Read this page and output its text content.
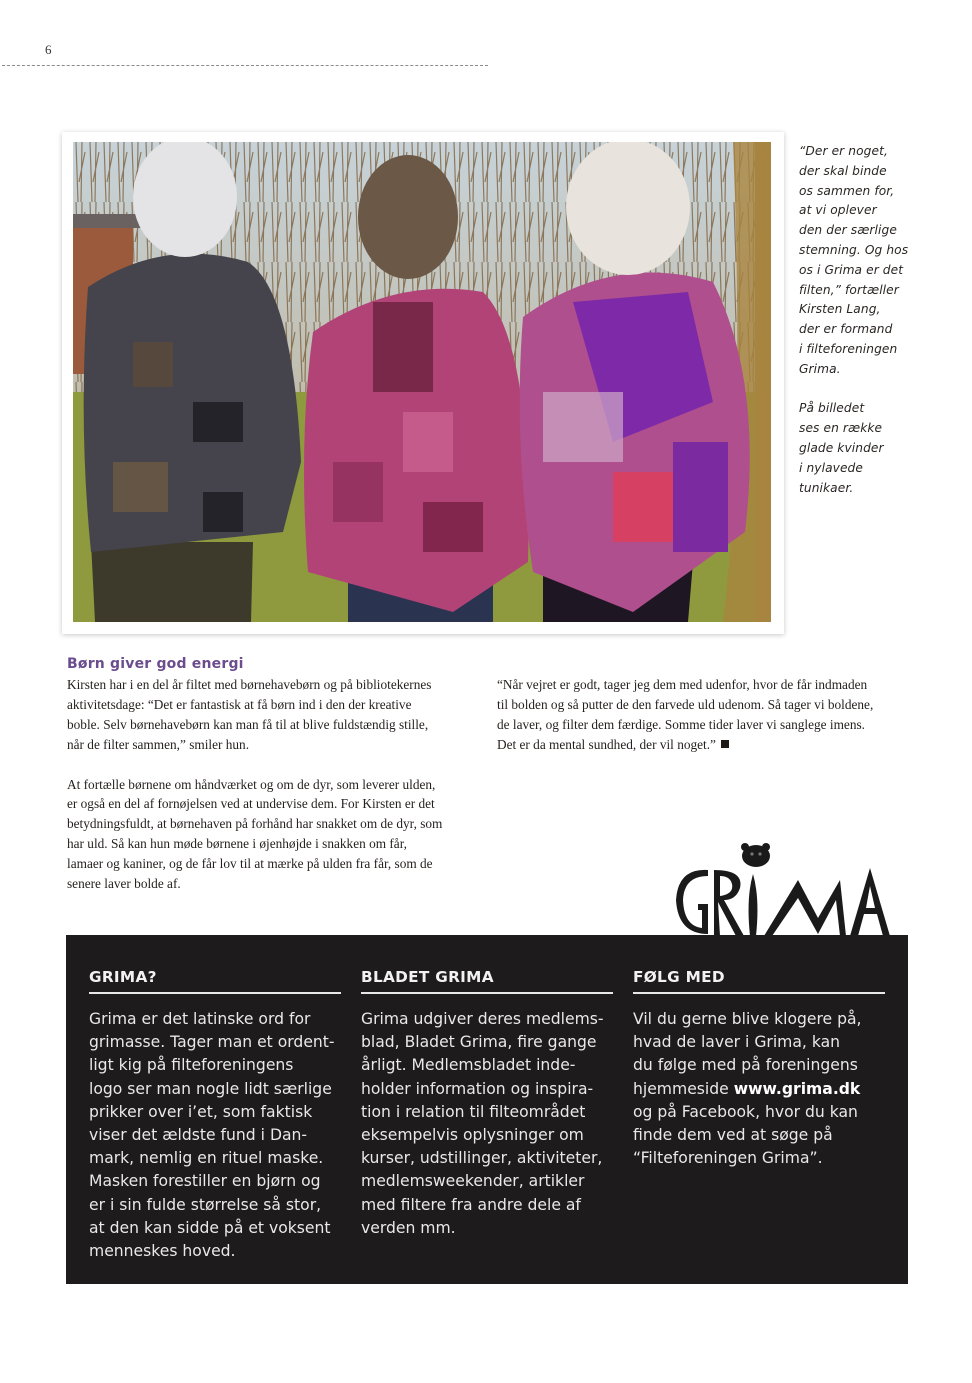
6

“Der er noget,
der skal binde
os sammen for,
at vi oplever
den der særlige
stemning. Og hos
os i Grima er det
filten,” fortæller
Kirsten Lang,
der er formand
i filteforeningen
Grima.

På billedet
ses en række
glade kvinder
i nylavede
tunikaer.

Børn giver god energi

Kirsten har i en del år filtet med børnehavebørn og på bibliotekernes
aktivitetsdage: “Det er fantastisk at få børn ind i den der kreative
boble. Selv børnehavebørn kan man få til at blive fuldstændig stille,
når de filter sammen,” smiler hun.

At fortælle børnene om håndværket og om de dyr, som leverer ulden,
er også en del af fornøjelsen ved at undervise dem. For Kirsten er det
betydningsfuldt, at børnehaven på forhånd har snakket om de dyr, som
har uld. Så kan hun møde børnene i øjenhøjde i snakken om får,
lamaer og kaniner, og de får lov til at mærke på ulden fra får, som de
senere laver bolde af.

“Når vejret er godt, tager jeg dem med udenfor, hvor de får indmaden
til bolden og så putter de den farvede uld udenom. Så tager vi boldene,
de laver, og filter dem færdige. Somme tider laver vi sanglege imens.
Det er da mental sundhed, der vil noget.”

GRIMA?
Grima er det latinske ord for
grimasse. Tager man et ordent-
ligt kig på filteforeningens
logo ser man nogle lidt særlige
prikker over i’et, som faktisk
viser det ældste fund i Dan-
mark, nemlig en rituel maske.
Masken forestiller en bjørn og
er i sin fulde størrelse så stor,
at den kan sidde på et voksent
menneskes hoved.
BLADET GRIMA
Grima udgiver deres medlems-
blad, Bladet Grima, fire gange
årligt. Medlemsbladet inde-
holder information og inspira-
tion i relation til filteområdet
eksempelvis oplysninger om
kurser, udstillinger, aktiviteter,
medlemsweekender, artikler
med filtere fra andre dele af
verden mm.
FØLG MED
Vil du gerne blive klogere på,
hvad de laver i Grima, kan
du følge med på foreningens
hjemmeside www.grima.dk
og på Facebook, hvor du kan
finde dem ved at søge på
“Filteforeningen Grima”.
